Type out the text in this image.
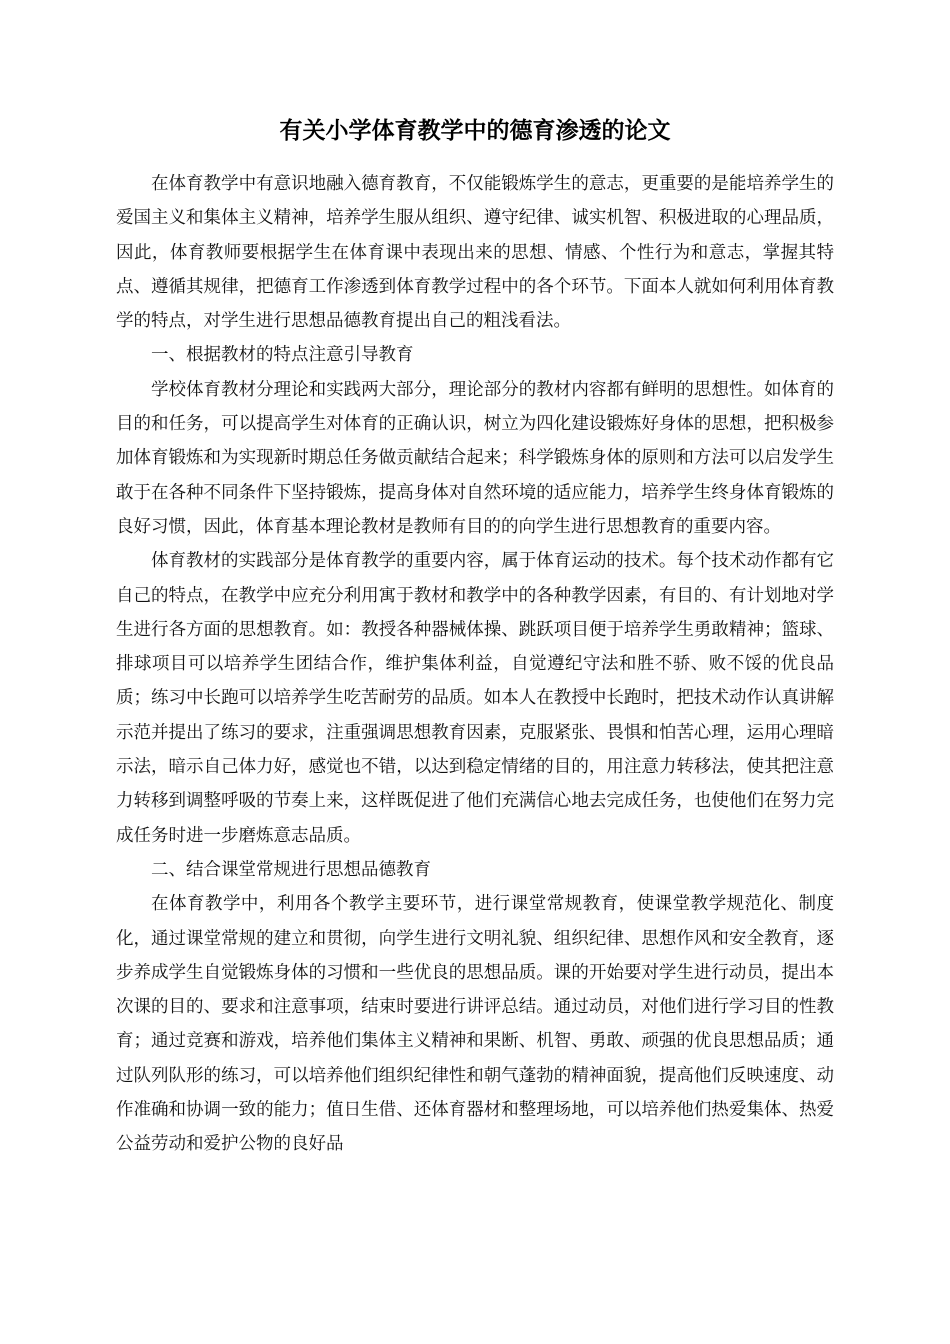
有关小学体育教学中的德育渗透的论文

在体育教学中有意识地融入德育教育，不仅能锻炼学生的意志，更重要的是能培养学生的爱国主义和集体主义精神，培养学生服从组织、遵守纪律、诚实机智、积极进取的心理品质，因此，体育教师要根据学生在体育课中表现出来的思想、情感、个性行为和意志，掌握其特点、遵循其规律，把德育工作渗透到体育教学过程中的各个环节。下面本人就如何利用体育教学的特点，对学生进行思想品德教育提出自己的粗浅看法。

一、根据教材的特点注意引导教育

学校体育教材分理论和实践两大部分，理论部分的教材内容都有鲜明的思想性。如体育的目的和任务，可以提高学生对体育的正确认识，树立为四化建设锻炼好身体的思想，把积极参加体育锻炼和为实现新时期总任务做贡献结合起来；科学锻炼身体的原则和方法可以启发学生敢于在各种不同条件下坚持锻炼，提高身体对自然环境的适应能力，培养学生终身体育锻炼的良好习惯，因此，体育基本理论教材是教师有目的的向学生进行思想教育的重要内容。

体育教材的实践部分是体育教学的重要内容，属于体育运动的技术。每个技术动作都有它自己的特点，在教学中应充分利用寓于教材和教学中的各种教学因素，有目的、有计划地对学生进行各方面的思想教育。如：教授各种器械体操、跳跃项目便于培养学生勇敢精神；篮球、排球项目可以培养学生团结合作，维护集体利益，自觉遵纪守法和胜不骄、败不馁的优良品质；练习中长跑可以培养学生吃苦耐劳的品质。如本人在教授中长跑时，把技术动作认真讲解示范并提出了练习的要求，注重强调思想教育因素，克服紧张、畏惧和怕苦心理，运用心理暗示法，暗示自己体力好，感觉也不错，以达到稳定情绪的目的，用注意力转移法，使其把注意力转移到调整呼吸的节奏上来，这样既促进了他们充满信心地去完成任务，也使他们在努力完成任务时进一步磨炼意志品质。

二、结合课堂常规进行思想品德教育

在体育教学中，利用各个教学主要环节，进行课堂常规教育，使课堂教学规范化、制度化，通过课堂常规的建立和贯彻，向学生进行文明礼貌、组织纪律、思想作风和安全教育，逐步养成学生自觉锻炼身体的习惯和一些优良的思想品质。课的开始要对学生进行动员，提出本次课的目的、要求和注意事项，结束时要进行讲评总结。通过动员，对他们进行学习目的性教育；通过竞赛和游戏，培养他们集体主义精神和果断、机智、勇敢、顽强的优良思想品质；通过队列队形的练习，可以培养他们组织纪律性和朝气蓬勃的精神面貌，提高他们反映速度、动作准确和协调一致的能力；值日生借、还体育器材和整理场地，可以培养他们热爱集体、热爱公益劳动和爱护公物的良好品
